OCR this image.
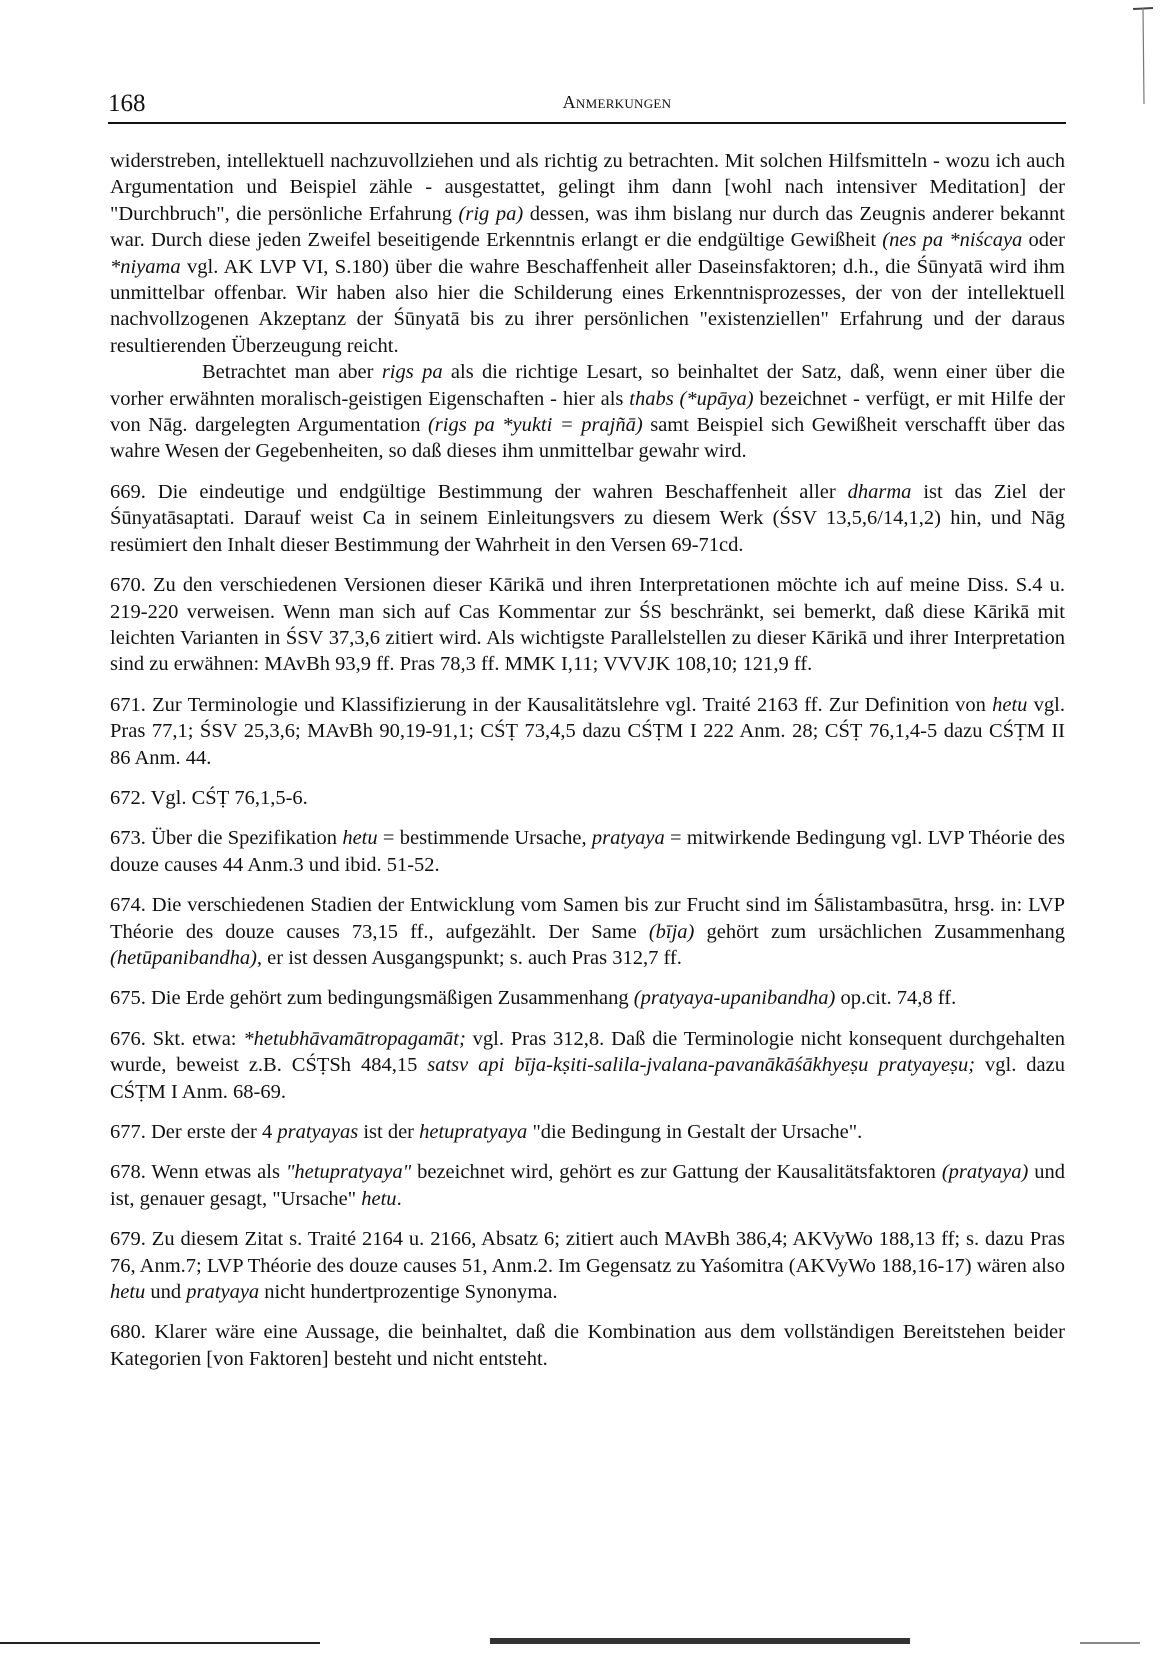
168	Anmerkungen

widerstreben, intellektuell nachzuvollziehen und als richtig zu betrachten. Mit solchen Hilfsmitteln - wozu ich auch Argumentation und Beispiel zähle - ausgestattet, gelingt ihm dann [wohl nach intensiver Meditation] der "Durchbruch", die persönliche Erfahrung (rig pa) dessen, was ihm bislang nur durch das Zeugnis anderer bekannt war. Durch diese jeden Zweifel beseitigende Erkenntnis erlangt er die endgültige Gewißheit (nes pa *niścaya oder *niyama vgl. AK LVP VI, S.180) über die wahre Beschaffenheit aller Daseinsfaktoren; d.h., die Śūnyatā wird ihm unmittelbar offenbar. Wir haben also hier die Schilderung eines Erkenntnisprozesses, der von der intellektuell nachvollzogenen Akzeptanz der Śūnyatā bis zu ihrer persönlichen "existenziellen" Erfahrung und der daraus resultierenden Überzeugung reicht.

Betrachtet man aber rigs pa als die richtige Lesart, so beinhaltet der Satz, daß, wenn einer über die vorher erwähnten moralisch-geistigen Eigenschaften - hier als thabs (*upāya) bezeichnet - verfügt, er mit Hilfe der von Nāg. dargelegten Argumentation (rigs pa *yukti = prajñā) samt Beispiel sich Gewißheit verschafft über das wahre Wesen der Gegebenheiten, so daß dieses ihm unmittelbar gewahr wird.

669. Die eindeutige und endgültige Bestimmung der wahren Beschaffenheit aller dharma ist das Ziel der Śūnyatāsaptati. Darauf weist Ca in seinem Einleitungsvers zu diesem Werk (ŚSV 13,5,6/14,1,2) hin, und Nāg resümiert den Inhalt dieser Bestimmung der Wahrheit in den Versen 69-71cd.

670. Zu den verschiedenen Versionen dieser Kārikā und ihren Interpretationen möchte ich auf meine Diss. S.4 u. 219-220 verweisen. Wenn man sich auf Cas Kommentar zur ŚS beschränkt, sei bemerkt, daß diese Kārikā mit leichten Varianten in ŚSV 37,3,6 zitiert wird. Als wichtigste Parallelstellen zu dieser Kārikā und ihrer Interpretation sind zu erwähnen: MAvBh 93,9 ff. Pras 78,3 ff. MMK I,11; VVVJK 108,10; 121,9 ff.

671. Zur Terminologie und Klassifizierung in der Kausalitätslehre vgl. Traité 2163 ff. Zur Definition von hetu vgl. Pras 77,1; ŚSV 25,3,6; MAvBh 90,19-91,1; CŚṬ 73,4,5 dazu CŚṬM I 222 Anm. 28; CŚṬ 76,1,4-5 dazu CŚṬM II 86 Anm. 44.

672. Vgl. CŚṬ 76,1,5-6.

673. Über die Spezifikation hetu = bestimmende Ursache, pratyaya = mitwirkende Bedingung vgl. LVP Théorie des douze causes 44 Anm.3 und ibid. 51-52.

674. Die verschiedenen Stadien der Entwicklung vom Samen bis zur Frucht sind im Śālistambasūtra, hrsg. in: LVP Théorie des douze causes 73,15 ff., aufgezählt. Der Same (bīja) gehört zum ursächlichen Zusammenhang (hetūpanibandha), er ist dessen Ausgangspunkt; s. auch Pras 312,7 ff.

675. Die Erde gehört zum bedingungsmäßigen Zusammenhang (pratyaya-upanibandha) op.cit. 74,8 ff.

676. Skt. etwa: *hetubhāvamātropagamāt; vgl. Pras 312,8. Daß die Terminologie nicht konsequent durchgehalten wurde, beweist z.B. CŚṬSh 484,15 satsv api bīja-kṣiti-salila-jvalana-pavanākāśākhyeṣu pratyayeṣu; vgl. dazu CŚṬM I Anm. 68-69.

677. Der erste der 4 pratyayas ist der hetupratyaya "die Bedingung in Gestalt der Ursache".

678. Wenn etwas als "hetupratyaya" bezeichnet wird, gehört es zur Gattung der Kausalitätsfaktoren (pratyaya) und ist, genauer gesagt, "Ursache" hetu.

679. Zu diesem Zitat s. Traité 2164 u. 2166, Absatz 6; zitiert auch MAvBh 386,4; AKVyWo 188,13 ff; s. dazu Pras 76, Anm.7; LVP Théorie des douze causes 51, Anm.2. Im Gegensatz zu Yaśomitra (AKVyWo 188,16-17) wären also hetu und pratyaya nicht hundertprozentige Synonyma.

680. Klarer wäre eine Aussage, die beinhaltet, daß die Kombination aus dem vollständigen Bereitstehen beider Kategorien [von Faktoren] besteht und nicht entsteht.
